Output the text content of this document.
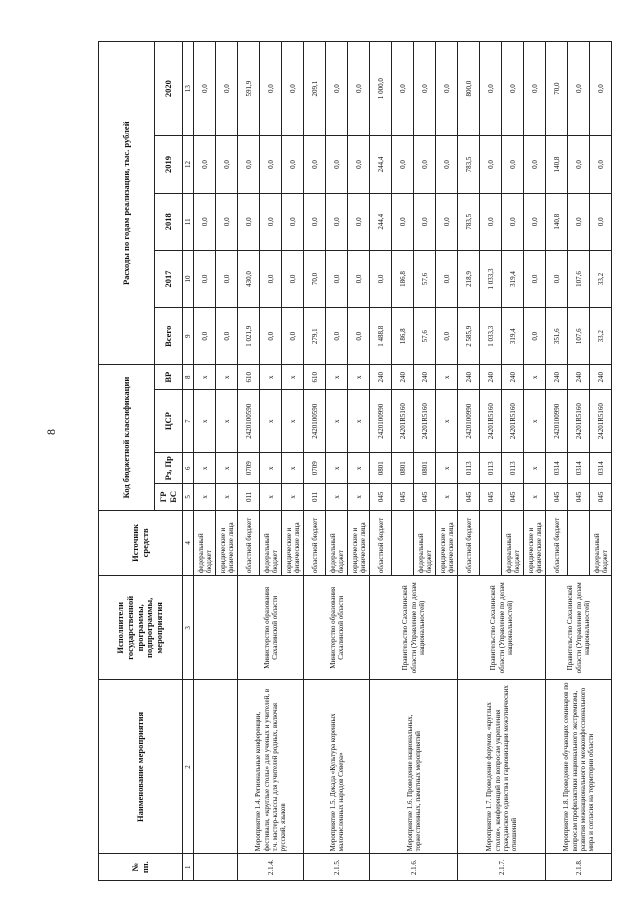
8
№ пп.	Наименование мероприятия	Исполнители государственной программы, подпрограммы, мероприятия	Источник средств	Код бюджетной классификации				Расходы по годам реализации, тыс. рублей				
				ГР БС	Рз, Пр	ЦСР	ВР	Всего	2017	2018	2019	2020
1	2	3	4	5	6	7	8	9	10	11	12	13
			федеральный бюджет	х	х	х	х	0,0	0,0	0,0	0,0	0,0
			юридические и физические лица	х	х	х	х	0,0	0,0	0,0	0,0	0,0
2.1.4.	Мероприятие 1.4. Региональные конференции, фестивали, «круглые столы» для ученых и учителей, в т.ч. мастер-классы для учителей родных, включая русский, языков	Министерство образования Сахалинской области	областной бюджет	011	0709	2420100590	610	1 021,9	430,0	0,0	0,0	591,9
			федеральный бюджет	х	х	х	х	0,0	0,0	0,0	0,0	0,0
			юридические и физические лица	х	х	х	х	0,0	0,0	0,0	0,0	0,0
2.1.5.	Мероприятие 1.5. Декада «Культура коренных малочисленных народов Севера»	Министерство образования Сахалинской области	областной бюджет	011	0709	2420100590	610	279,1	70,0	0,0	0,0	209,1
			федеральный бюджет	х	х	х	х	0,0	0,0	0,0	0,0	0,0
			юридические и физические лица	х	х	х	х	0,0	0,0	0,0	0,0	0,0
2.1.6.	Мероприятие 1.6. Проведение национальных, торжественных, памятных мероприятий	Правительство Сахалинской области (Управление по делам национальностей)	областной бюджет	045	0801	2420100990	240	1 488,8	0,0	244,4	244,4	1 000,0
				045	0801	24201R5160	240	186,8	186,8	0,0	0,0	0,0
			федеральный бюджет	045	0801	24201R5160	240	57,6	57,6	0,0	0,0	0,0
			юридические и физические лица	х	х	х	х	0,0	0,0	0,0	0,0	0,0
2.1.7.	Мероприятие 1.7. Проведение форумов, «круглых столов», конференций по вопросам укрепления гражданского единства и гармонизации межэтнических отношений	Правительство Сахалинской области (Управление по делам национальностей)	областной бюджет	045	0113	2420100990	240	2 585,9	218,9	783,5	783,5	800,0
				045	0113	24201R5160	240	1 033,3	1 033,3	0,0	0,0	0,0
			федеральный бюджет	045	0113	24201R5160	240	319,4	319,4	0,0	0,0	0,0
			юридические и физические лица	х	х	х	х	0,0	0,0	0,0	0,0	0,0
2.1.8.	Мероприятие 1.8. Проведение обучающих семинаров по вопросам профилактики национального экстремизма, развития межнационального и межконфессионального мира и согласия на территории области	Правительство Сахалинской области (Управление по делам национальностей)	областной бюджет	045	0314	2420100990	240	351,6	0,0	140,8	140,8	70,0
				045	0314	24201R5160	240	107,6	107,6	0,0	0,0	0,0
			федеральный бюджет	045	0314	24201R5160	240	33,2	33,2	0,0	0,0	0,0
